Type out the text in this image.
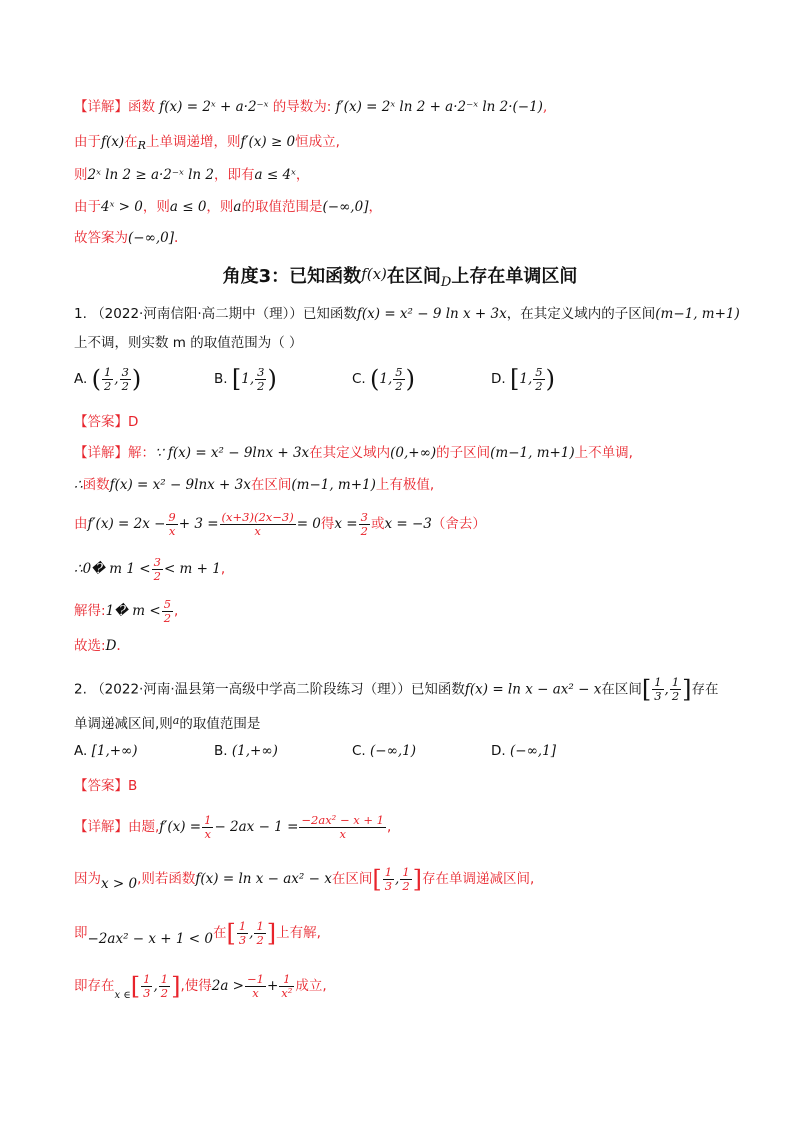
【详解】函数 f(x) = 2ˣ + a·2⁻ˣ 的导数为: f′(x) = 2ˣ ln 2 + a·2⁻ˣ ln 2·(−1),
由于f(x)在$_R$上单调递增，则f′(x) ≥ 0恒成立,
则2ˣ ln 2 ≥ a·2⁻ˣ ln 2，即有a ≤ 4ˣ，
由于4ˣ > 0，则a ≤ 0，则a的取值范围是(−∞,0]，
故答案为(−∞,0].
角度3：已知函数f(x)在区间$_D$上存在单调区间
1. （2022·河南信阳·高二期中（理））已知函数f(x) = x² − 9 ln x + 3x，在其定义域内的子区间(m−1, m+1)
上不调，则实数 m 的取值范围为（ ）
A. ( $\frac{1}{2}$ , $\frac{3}{2}$ )	B. [1, $\frac{3}{2}$ )	C. (1, $\frac{5}{2}$ )	D. [1, $\frac{5}{2}$ )
【答案】D
【详解】解：∵ f(x) = x² − 9lnx + 3x在其定义域内(0,+∞)的子区间(m−1, m+1)上不单调,
∴函数f(x) = x² − 9lnx + 3x在区间(m−1, m+1)上有极值,
由$f'(x) = 2x - \frac{9}{x} + 3 = \frac{(x+3)(2x-3)}{x} = 0$得$x = \frac{3}{2}$ 或x = −3（舍去）
∴0� m $1 < \frac{3}{2} < m + 1$,
解得:1� $m < \frac{5}{2}$ ,
故选:D.
2. （2022·河南·温县第一高级中学高二阶段练习（理））已知函数f(x) = ln x − ax² − x在区间[ $\frac{1}{3}$ , $\frac{1}{2}$ ]存在
单调递减区间,则$^a$的取值范围是
A. [1,+∞)	B. (1,+∞)	C. (−∞,1)	D. (−∞,1]
【答案】B
【详解】由题$,f'(x) = \frac{1}{x} - 2ax - 1 = \frac{\text{−2ax² − x + 1}}{x}$ ,
因为x > 0,则若函数f(x) = ln x − ax² − x在区间[ $\frac{1}{3}$ , $\frac{1}{2}$ ]存在单调递减区间,
即−2ax² − x + 1 < 0在[ $\frac{1}{3}$ , $\frac{1}{2}$ ]上有解,
即存在$_{x \in}[ \frac{1}{3}$ , $\frac{1}{2}$ ],使得$2a > \frac{-1}{x} + \frac{1}{\text{x²}}$ 成立,
